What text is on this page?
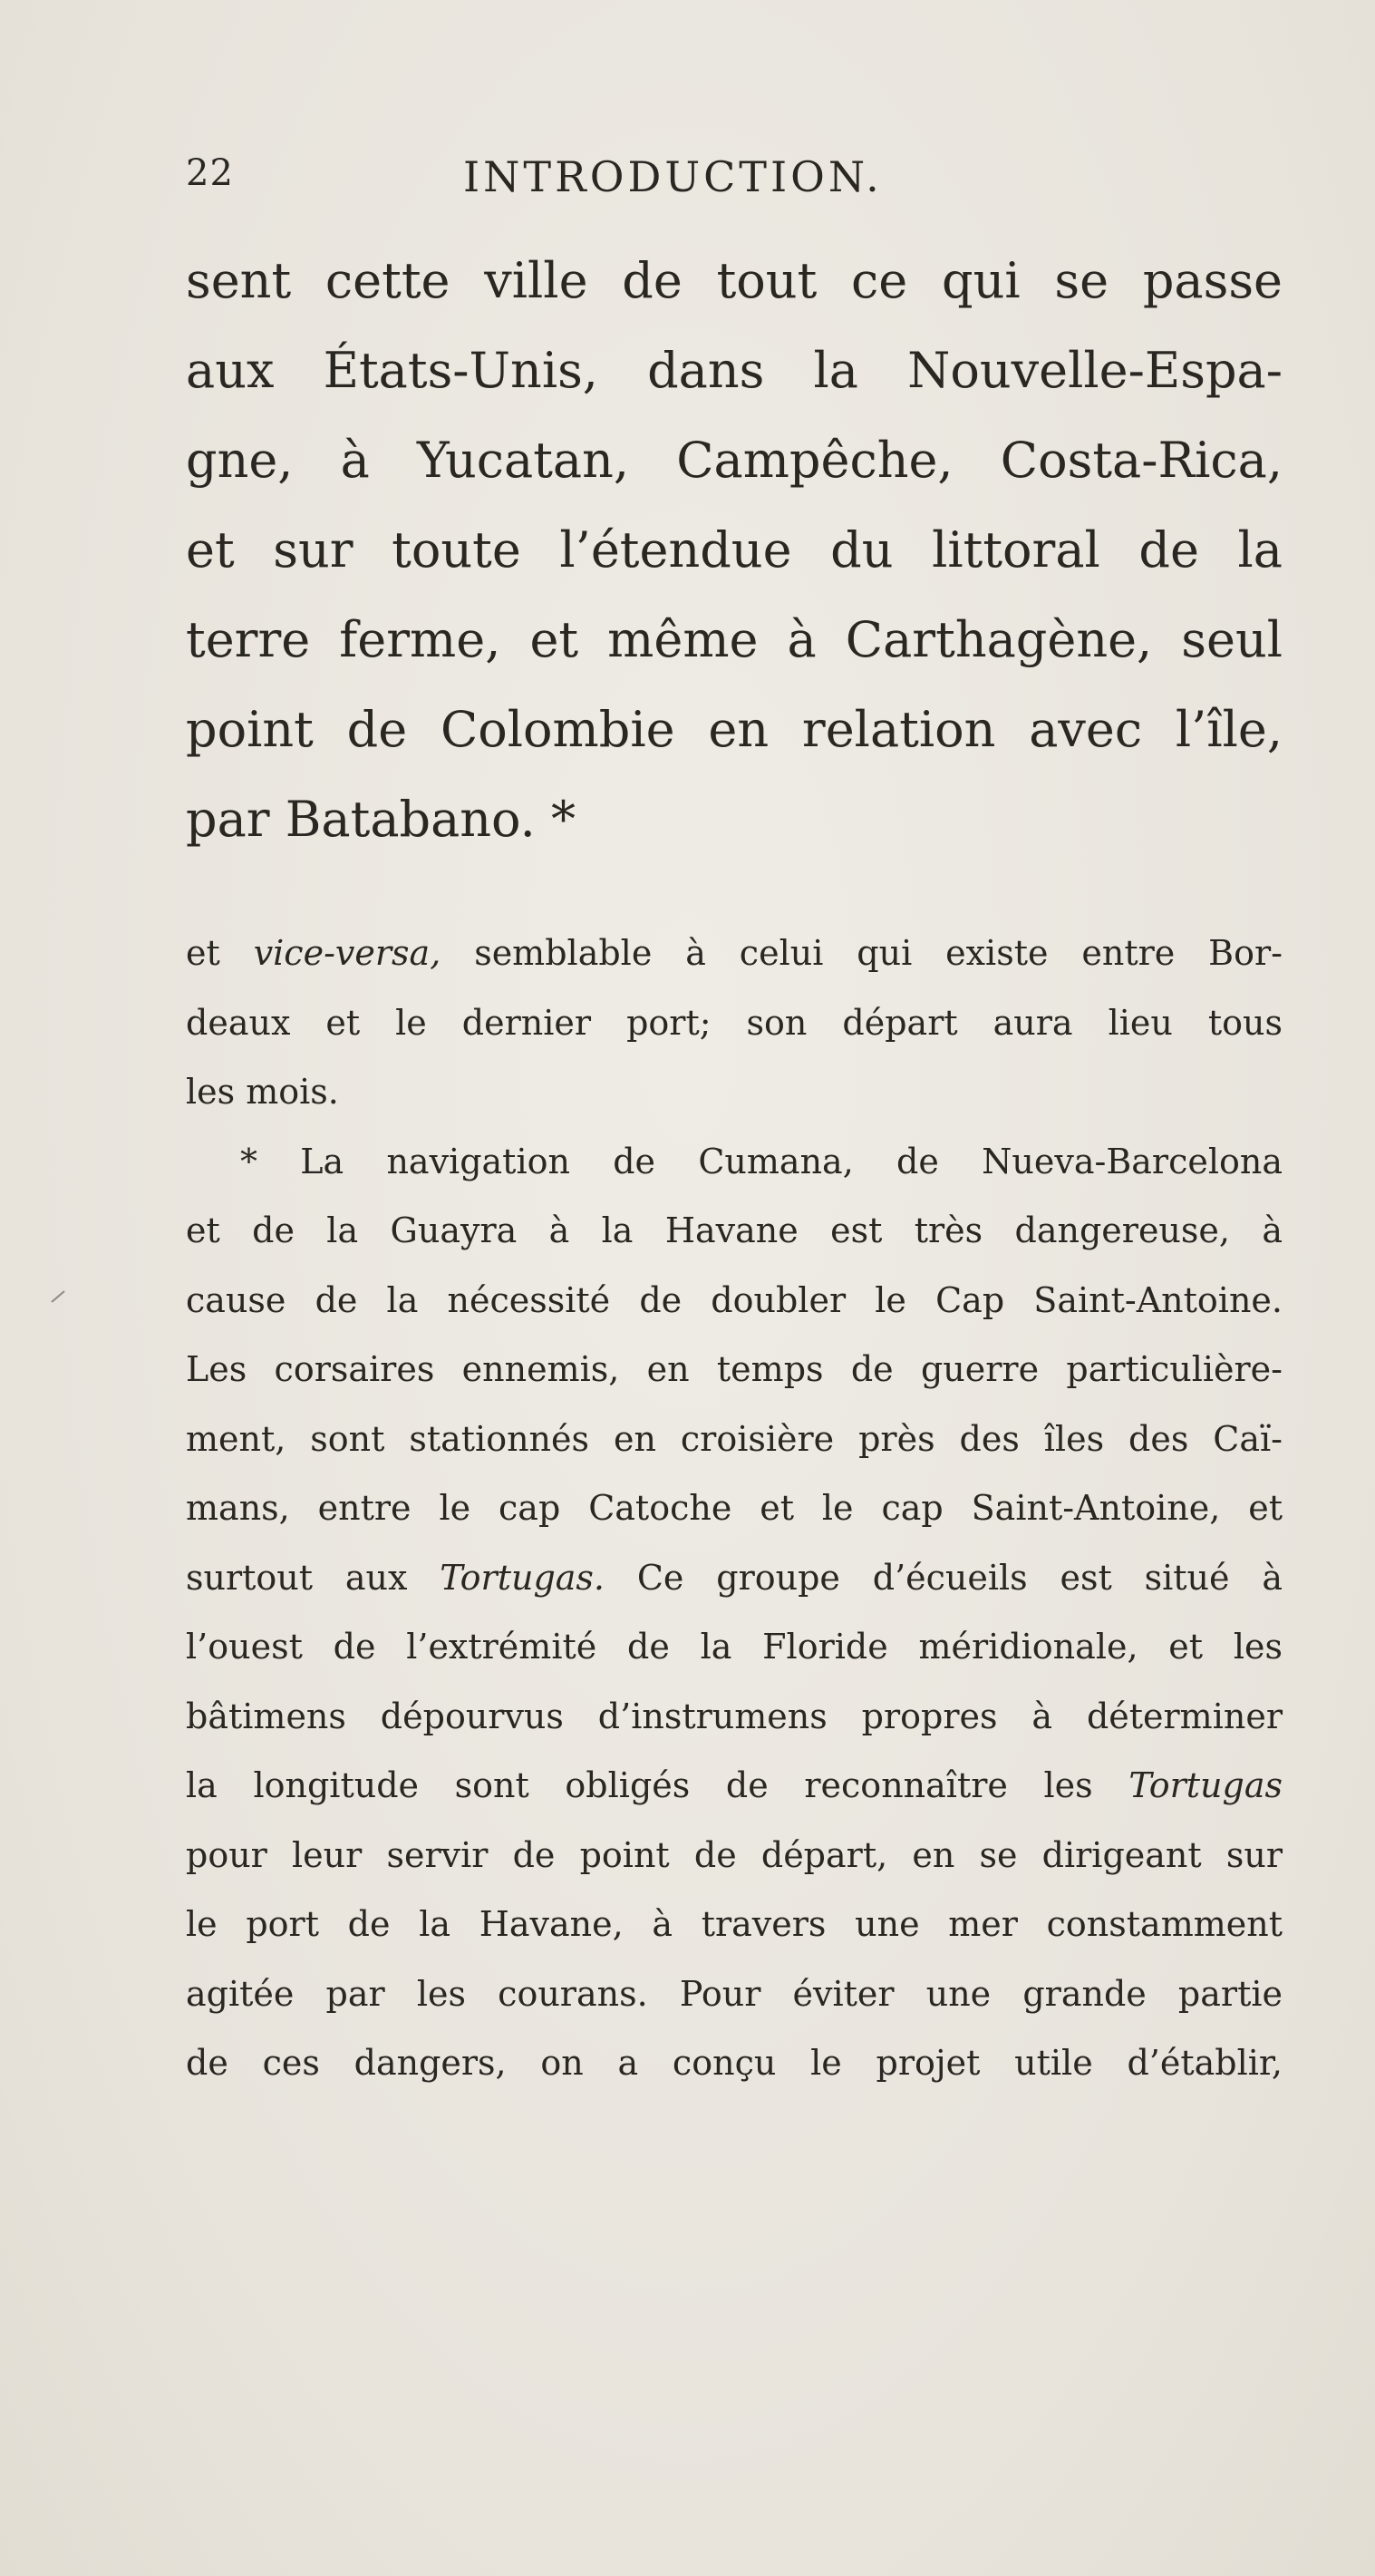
22	INTRODUCTION.
sent cette ville de tout ce qui se passe
aux États-Unis, dans la Nouvelle-Espa-
gne, à Yucatan, Campêche, Costa-Rica,
et sur toute l’étendue du littoral de la
terre ferme, et même à Carthagène, seul
point de Colombie en relation avec l’île,
par Batabano. *
et vice-versa, semblable à celui qui existe entre Bor-
deaux et le dernier port; son départ aura lieu tous
les mois.
* La navigation de Cumana, de Nueva-Barcelona
et de la Guayra à la Havane est très dangereuse, à
cause de la nécessité de doubler le Cap Saint-Antoine.
Les corsaires ennemis, en temps de guerre particulière-
ment, sont stationnés en croisière près des îles des Caï-
mans, entre le cap Catoche et le cap Saint-Antoine, et
surtout aux Tortugas. Ce groupe d’écueils est situé à
l’ouest de l’extrémité de la Floride méridionale, et les
bâtimens dépourvus d’instrumens propres à déterminer
la longitude sont obligés de reconnaître les Tortugas
pour leur servir de point de départ, en se dirigeant sur
le port de la Havane, à travers une mer constamment
agitée par les courans. Pour éviter une grande partie
de ces dangers, on a conçu le projet utile d’établir,
